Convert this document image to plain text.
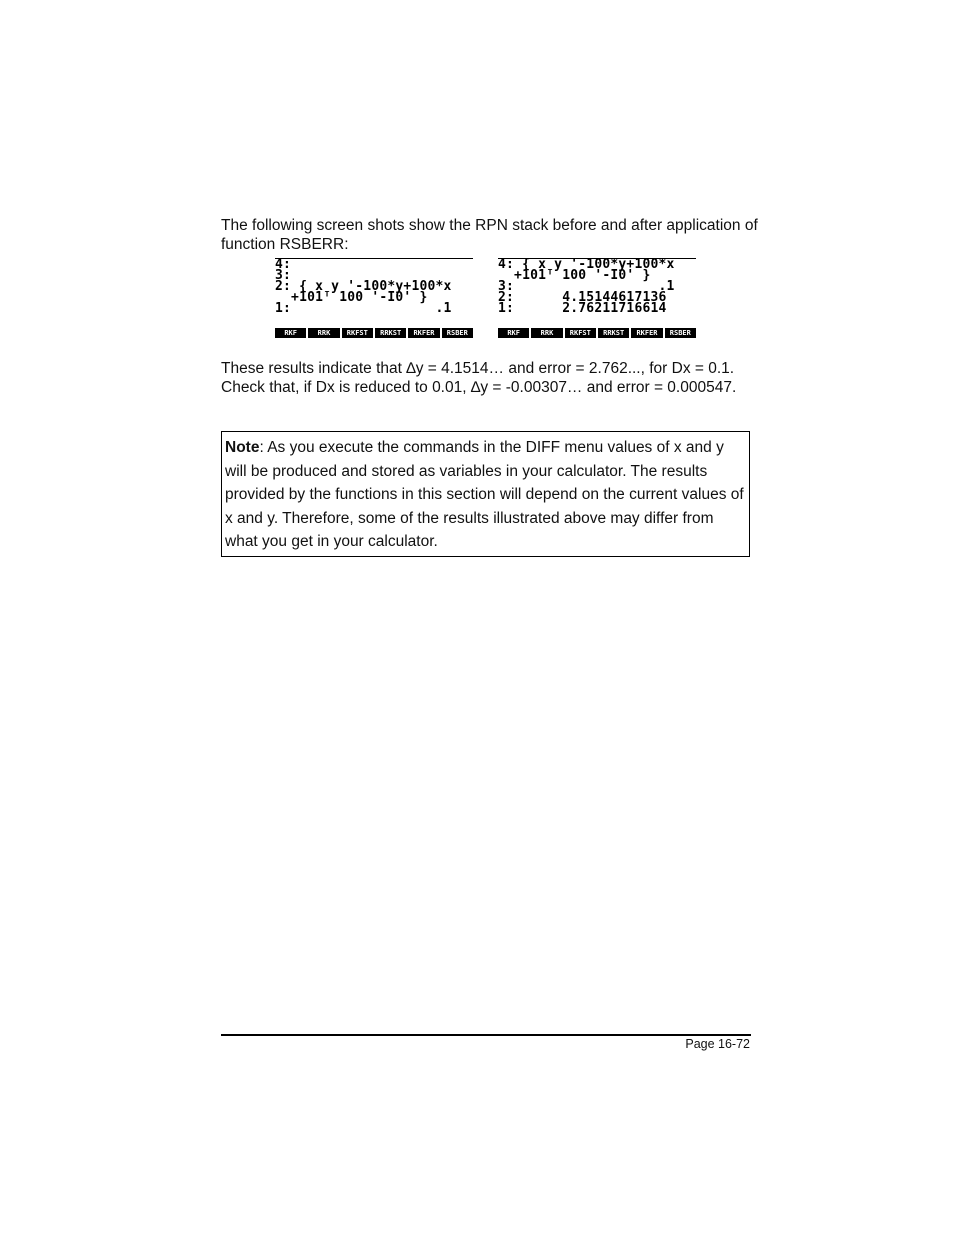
The following screen shots show the RPN stack before and after application of function RSBERR:

4:
3:
2: { x y '-100*y+100*x
+101ᵀ 100 '-I0' }
1:                  .1
RKF	RRK	RKFST	RRKST	RKFER	RSBER
4: { x y '-100*y+100*x
+101ᵀ 100 '-I0' }
3:                  .1
2:      4.15144617136
1:      2.76211716614
RKF	RRK	RKFST	RRKST	RKFER	RSBER

These results indicate that ∆y = 4.1514… and error = 2.762..., for Dx = 0.1.
Check that, if Dx is reduced to 0.01, ∆y = -0.00307… and error = 0.000547.

Note: As you execute the commands in the DIFF menu values of x and y will be produced and stored as variables in your calculator. The results provided by the functions in this section will depend on the current values of x and y. Therefore, some of the results illustrated above may differ from what you get in your calculator.
Page 16-72
